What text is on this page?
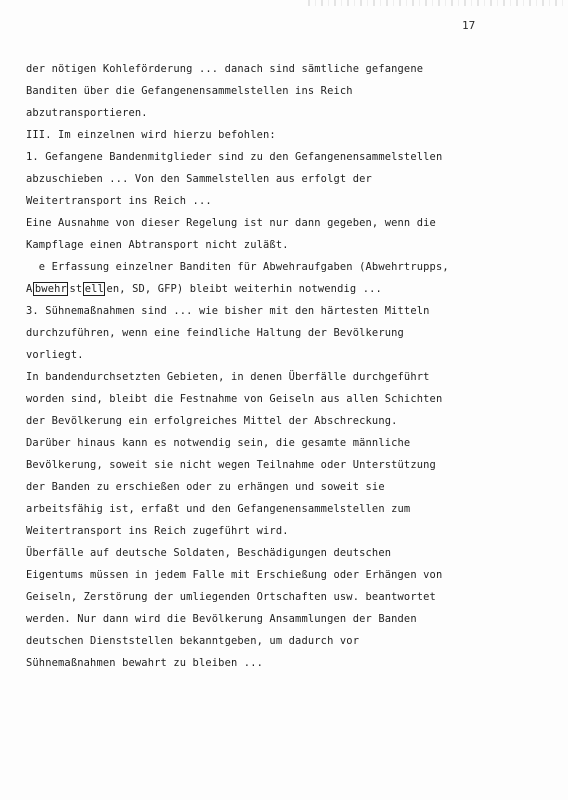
17
der nötigen Kohleförderung ... danach sind sämtliche gefangene
Banditen über die Gefangenensammelstellen ins Reich
abzutransportieren.
III. Im einzelnen wird hierzu befohlen:
1. Gefangene Bandenmitglieder sind zu den Gefangenensammelstellen
abzuschieben ... Von den Sammelstellen aus erfolgt der
Weitertransport ins Reich ...
Eine Ausnahme von dieser Regelung ist nur dann gegeben, wenn die
Kampflage einen Abtransport nicht zuläßt.
e Erfassung einzelner Banditen für Abwehraufgaben (Abwehrtrupps,
A bwehr st ell en, SD, GFP) bleibt weiterhin notwendig ...
3. Sühnemaßnahmen sind ... wie bisher mit den härtesten Mitteln
durchzuführen, wenn eine feindliche Haltung der Bevölkerung
vorliegt.
In bandendurchsetzten Gebieten, in denen Überfälle durchgeführt
worden sind, bleibt die Festnahme von Geiseln aus allen Schichten
der Bevölkerung ein erfolgreiches Mittel der Abschreckung.
Darüber hinaus kann es notwendig sein, die gesamte männliche
Bevölkerung, soweit sie nicht wegen Teilnahme oder Unterstützung
der Banden zu erschießen oder zu erhängen und soweit sie
arbeitsfähig ist, erfaßt und den Gefangenensammelstellen zum
Weitertransport ins Reich zugeführt wird.
Überfälle auf deutsche Soldaten, Beschädigungen deutschen
Eigentums müssen in jedem Falle mit Erschießung oder Erhängen von
Geiseln, Zerstörung der umliegenden Ortschaften usw. beantwortet
werden. Nur dann wird die Bevölkerung Ansammlungen der Banden
deutschen Dienststellen bekanntgeben, um dadurch vor
Sühnemaßnahmen bewahrt zu bleiben ...
